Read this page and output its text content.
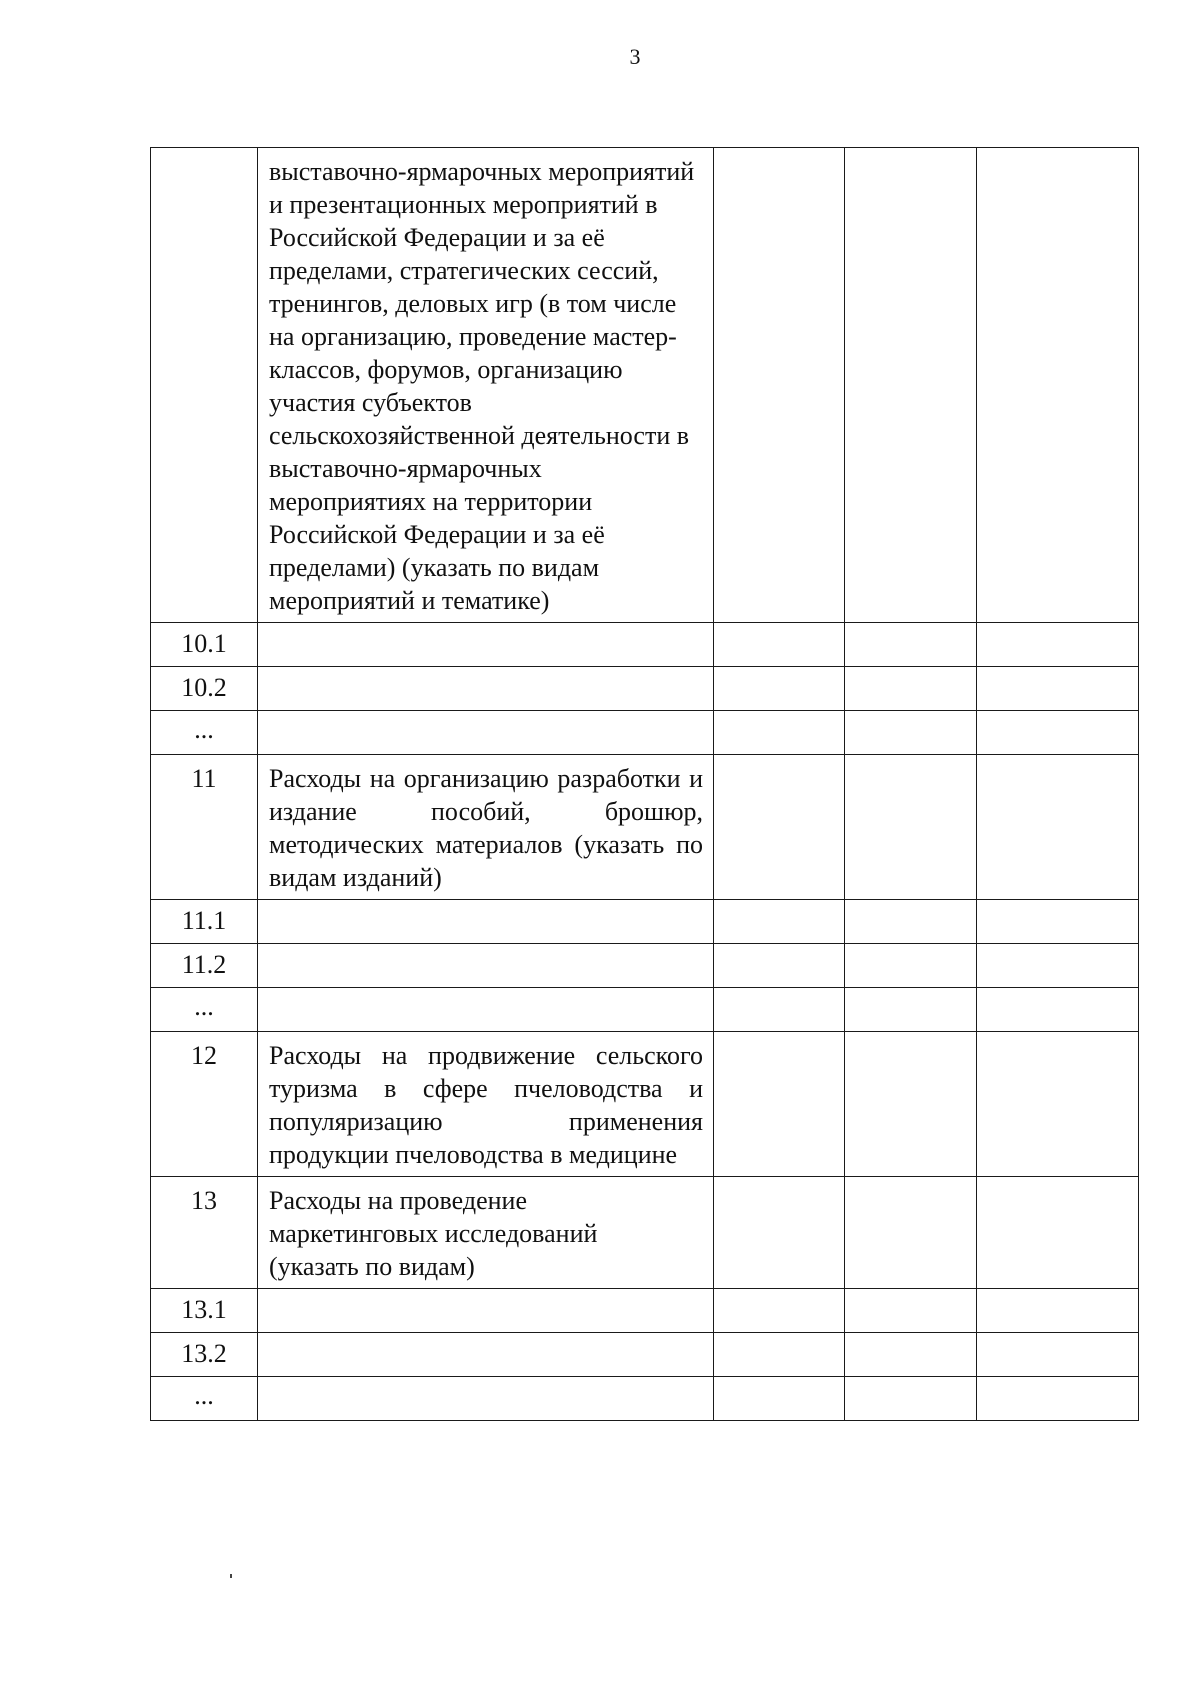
3
	выставочно-ярмарочных мероприятий и презентационных мероприятий в Российской Федерации и за её пределами, стратегических сессий, тренингов, деловых игр (в том числе на организацию, проведение мастер-классов, форумов, организацию участия субъектов сельскохозяйственной деятельности в выставочно-ярмарочных мероприятиях на территории Российской Федерации и за её пределами) (указать по видам мероприятий и тематике)			
10.1				
10.2				
...				
11	Расходы на организацию разработки и издание пособий, брошюр, методических материалов (указать по видам изданий)			
11.1				
11.2				
...				
12	Расходы на продвижение сельского туризма в сфере пчеловодства и популяризацию применения продукции пчеловодства в медицине			
13	Расходы на проведение маркетинговых исследований (указать по видам)			
13.1				
13.2				
...				
